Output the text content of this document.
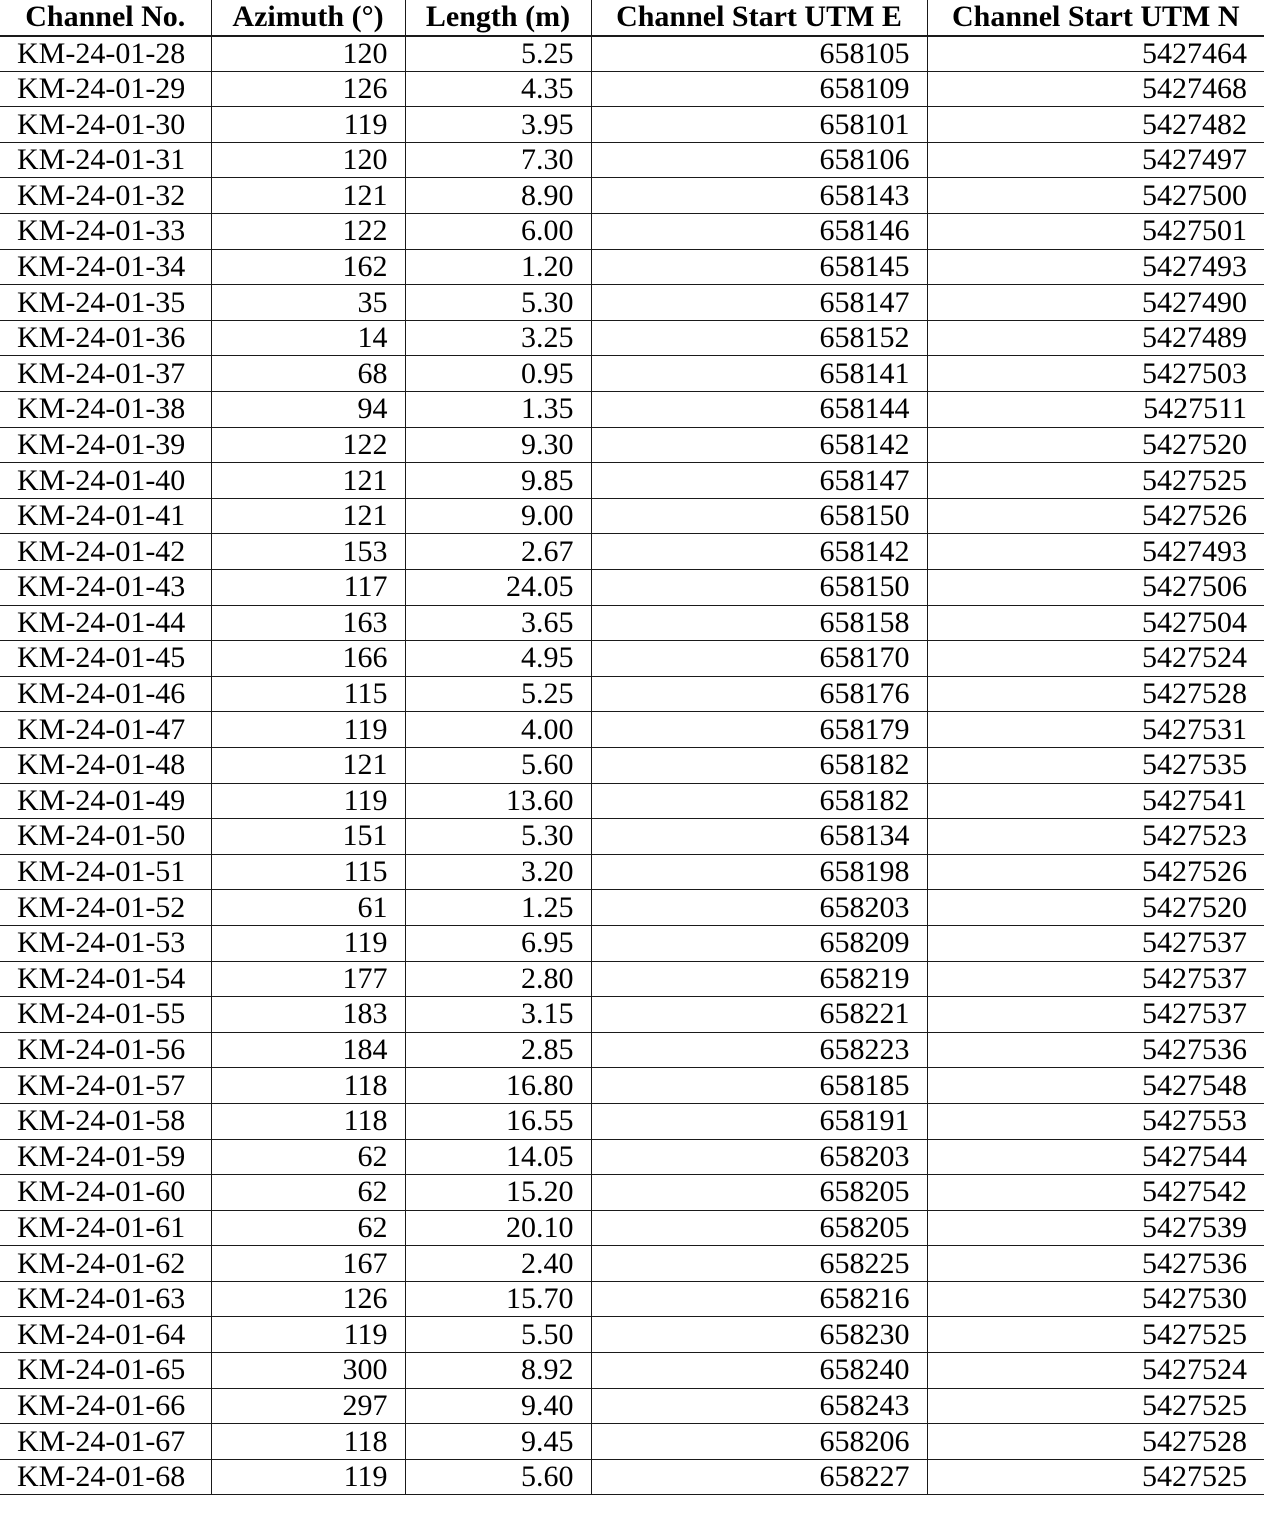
Channel No.	Azimuth (°)	Length (m)	Channel Start UTM E	Channel Start UTM N
KM-24-01-28	120	5.25	658105	5427464
KM-24-01-29	126	4.35	658109	5427468
KM-24-01-30	119	3.95	658101	5427482
KM-24-01-31	120	7.30	658106	5427497
KM-24-01-32	121	8.90	658143	5427500
KM-24-01-33	122	6.00	658146	5427501
KM-24-01-34	162	1.20	658145	5427493
KM-24-01-35	35	5.30	658147	5427490
KM-24-01-36	14	3.25	658152	5427489
KM-24-01-37	68	0.95	658141	5427503
KM-24-01-38	94	1.35	658144	5427511
KM-24-01-39	122	9.30	658142	5427520
KM-24-01-40	121	9.85	658147	5427525
KM-24-01-41	121	9.00	658150	5427526
KM-24-01-42	153	2.67	658142	5427493
KM-24-01-43	117	24.05	658150	5427506
KM-24-01-44	163	3.65	658158	5427504
KM-24-01-45	166	4.95	658170	5427524
KM-24-01-46	115	5.25	658176	5427528
KM-24-01-47	119	4.00	658179	5427531
KM-24-01-48	121	5.60	658182	5427535
KM-24-01-49	119	13.60	658182	5427541
KM-24-01-50	151	5.30	658134	5427523
KM-24-01-51	115	3.20	658198	5427526
KM-24-01-52	61	1.25	658203	5427520
KM-24-01-53	119	6.95	658209	5427537
KM-24-01-54	177	2.80	658219	5427537
KM-24-01-55	183	3.15	658221	5427537
KM-24-01-56	184	2.85	658223	5427536
KM-24-01-57	118	16.80	658185	5427548
KM-24-01-58	118	16.55	658191	5427553
KM-24-01-59	62	14.05	658203	5427544
KM-24-01-60	62	15.20	658205	5427542
KM-24-01-61	62	20.10	658205	5427539
KM-24-01-62	167	2.40	658225	5427536
KM-24-01-63	126	15.70	658216	5427530
KM-24-01-64	119	5.50	658230	5427525
KM-24-01-65	300	8.92	658240	5427524
KM-24-01-66	297	9.40	658243	5427525
KM-24-01-67	118	9.45	658206	5427528
KM-24-01-68	119	5.60	658227	5427525
